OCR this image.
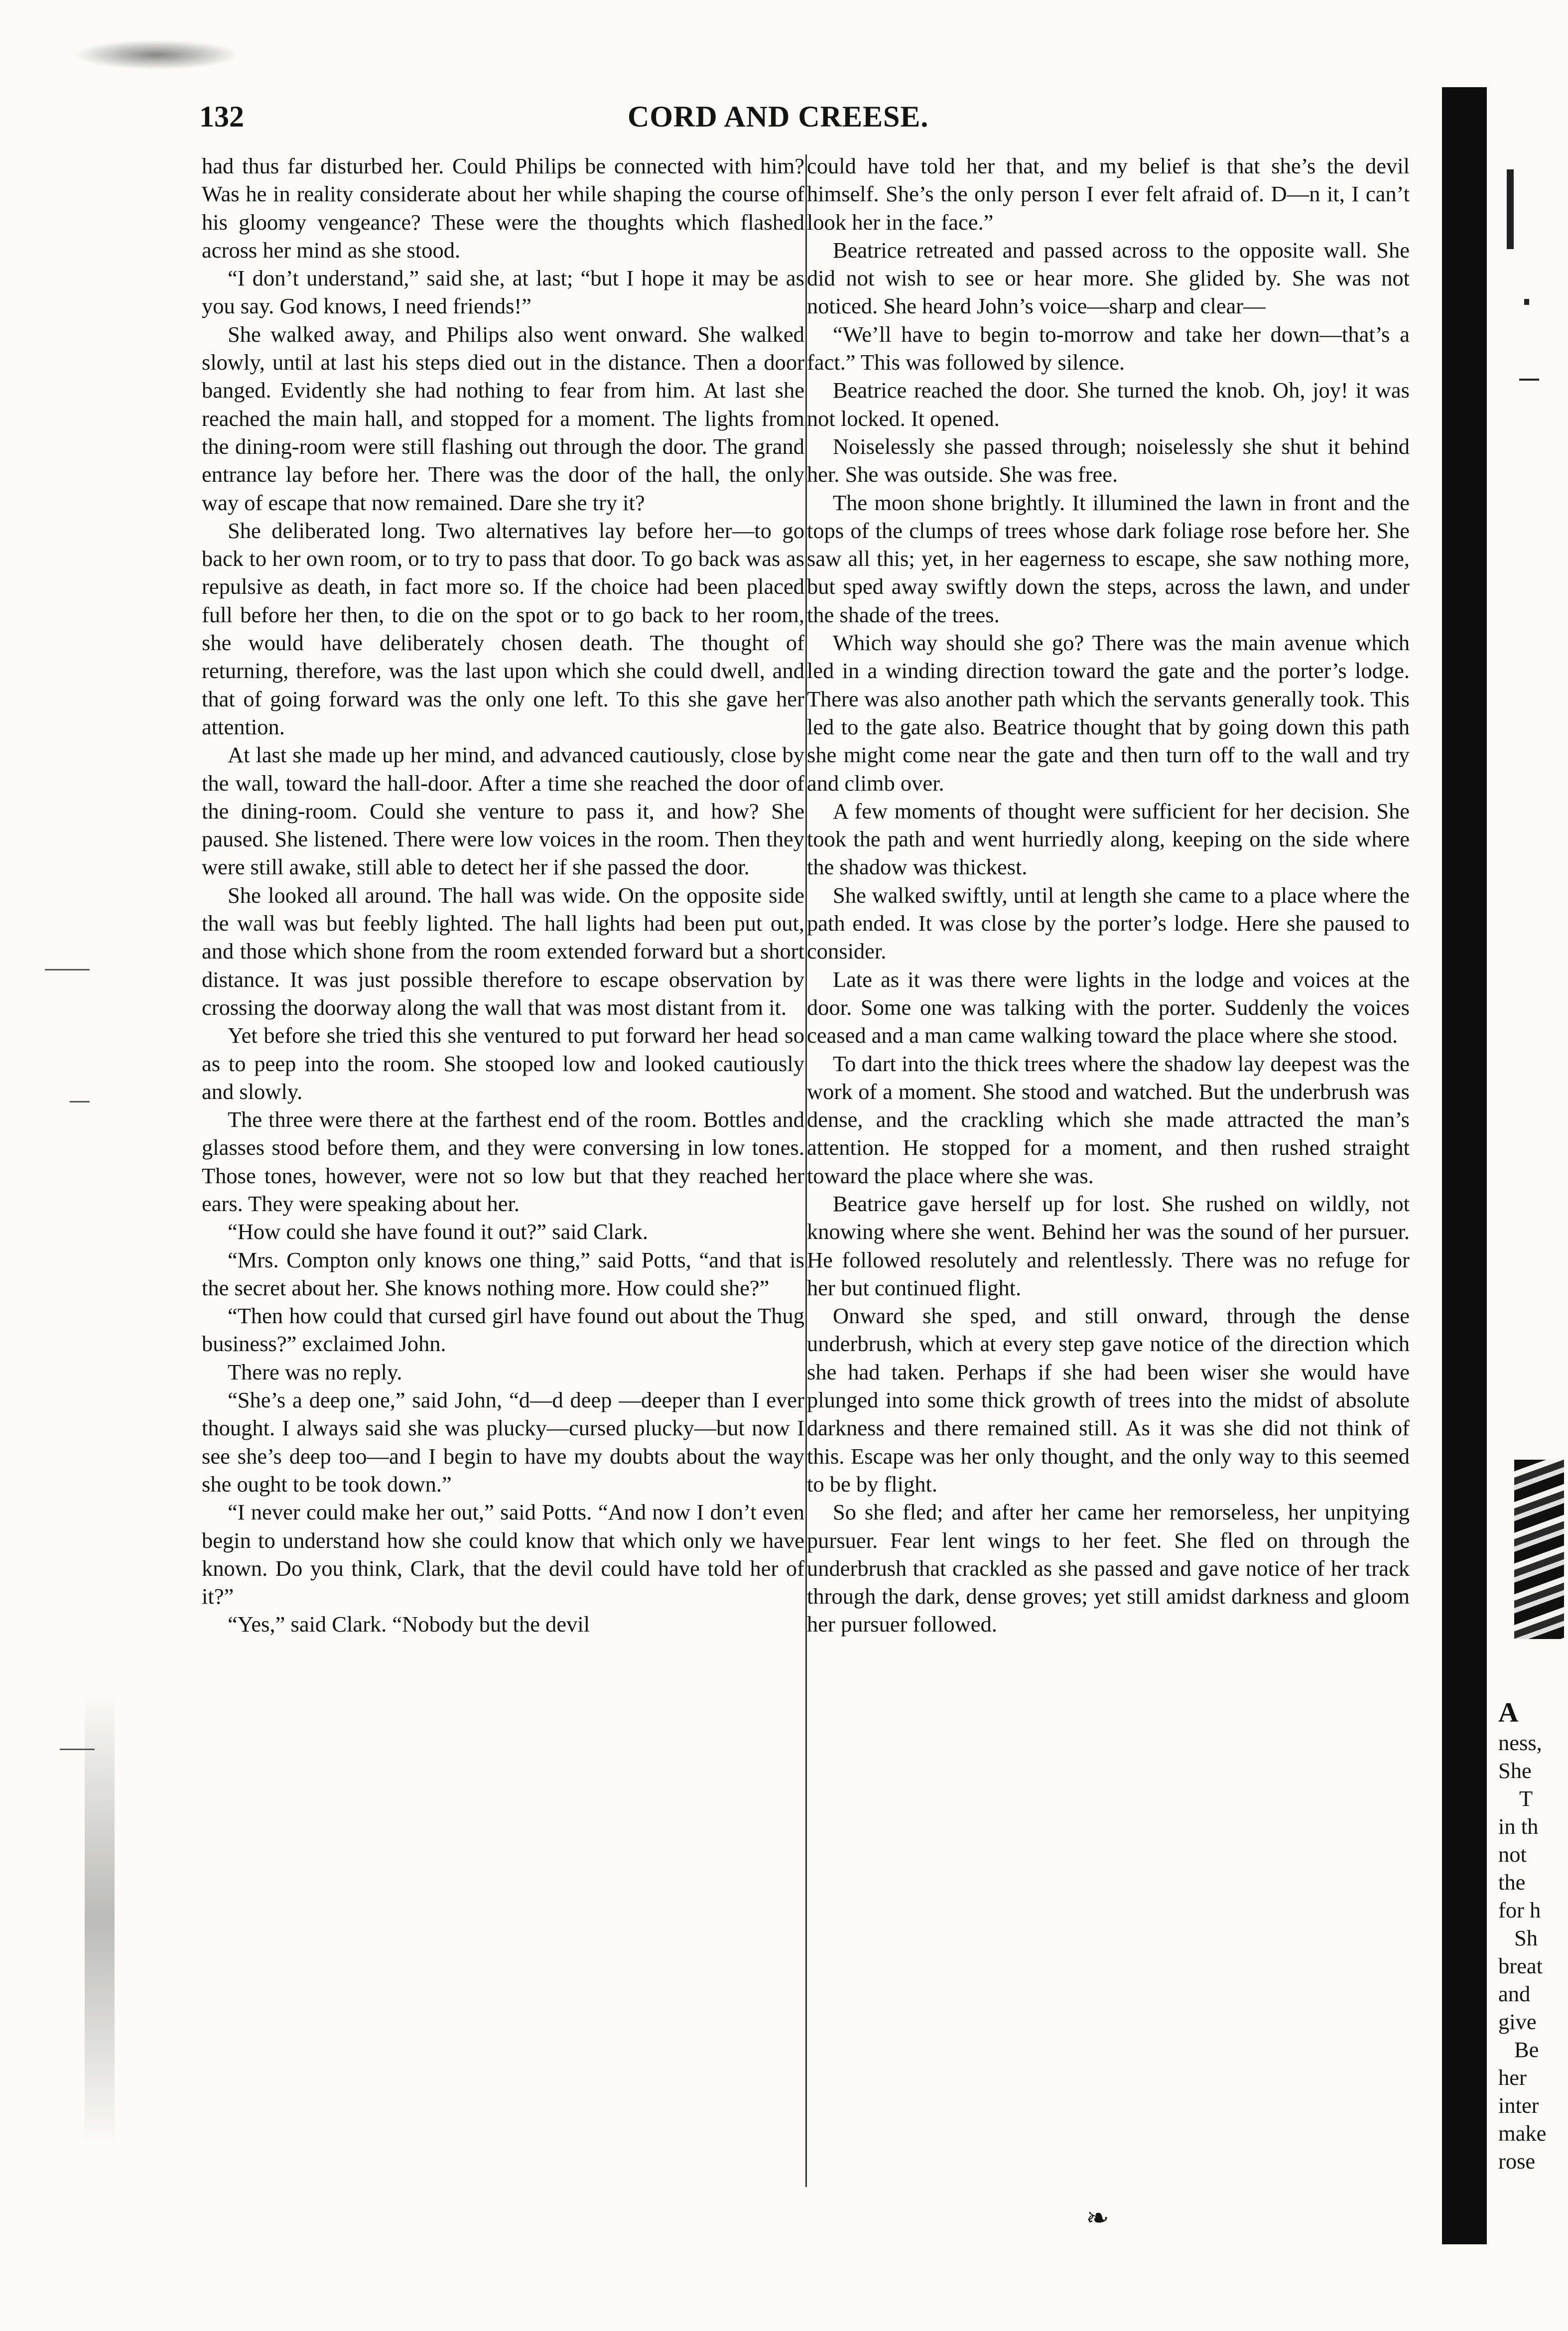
132	CORD AND CREESE.

had thus far disturbed her. Could Philips be connected with him? Was he in reality considerate about her while shaping the course of his gloomy vengeance? These were the thoughts which flashed across her mind as she stood.

“I don’t understand,” said she, at last; “but I hope it may be as you say. God knows, I need friends!”

She walked away, and Philips also went onward. She walked slowly, until at last his steps died out in the distance. Then a door banged. Evidently she had nothing to fear from him. At last she reached the main hall, and stopped for a moment. The lights from the dining-room were still flashing out through the door. The grand entrance lay before her. There was the door of the hall, the only way of escape that now remained. Dare she try it?

She deliberated long. Two alternatives lay before her—to go back to her own room, or to try to pass that door. To go back was as repulsive as death, in fact more so. If the choice had been placed full before her then, to die on the spot or to go back to her room, she would have deliberately chosen death. The thought of returning, therefore, was the last upon which she could dwell, and that of going forward was the only one left. To this she gave her attention.

At last she made up her mind, and advanced cautiously, close by the wall, toward the hall-door. After a time she reached the door of the dining-room. Could she venture to pass it, and how? She paused. She listened. There were low voices in the room. Then they were still awake, still able to detect her if she passed the door.

She looked all around. The hall was wide. On the opposite side the wall was but feebly lighted. The hall lights had been put out, and those which shone from the room extended forward but a short distance. It was just possible therefore to escape observation by crossing the doorway along the wall that was most distant from it.

Yet before she tried this she ventured to put forward her head so as to peep into the room. She stooped low and looked cautiously and slowly.

The three were there at the farthest end of the room. Bottles and glasses stood before them, and they were conversing in low tones. Those tones, however, were not so low but that they reached her ears. They were speaking about her.

“How could she have found it out?” said Clark.

“Mrs. Compton only knows one thing,” said Potts, “and that is the secret about her. She knows nothing more. How could she?”

“Then how could that cursed girl have found out about the Thug business?” exclaimed John.

There was no reply.

“She’s a deep one,” said John, “d—d deep —deeper than I ever thought. I always said she was plucky—cursed plucky—but now I see she’s deep too—and I begin to have my doubts about the way she ought to be took down.”

“I never could make her out,” said Potts. “And now I don’t even begin to understand how she could know that which only we have known. Do you think, Clark, that the devil could have told her of it?”

“Yes,” said Clark. “Nobody but the devil

could have told her that, and my belief is that she’s the devil himself. She’s the only person I ever felt afraid of. D—n it, I can’t look her in the face.”

Beatrice retreated and passed across to the opposite wall. She did not wish to see or hear more. She glided by. She was not noticed. She heard John’s voice—sharp and clear—

“We’ll have to begin to-morrow and take her down—that’s a fact.” This was followed by silence.

Beatrice reached the door. She turned the knob. Oh, joy! it was not locked. It opened.

Noiselessly she passed through; noiselessly she shut it behind her. She was outside. She was free.

The moon shone brightly. It illumined the lawn in front and the tops of the clumps of trees whose dark foliage rose before her. She saw all this; yet, in her eagerness to escape, she saw nothing more, but sped away swiftly down the steps, across the lawn, and under the shade of the trees.

Which way should she go? There was the main avenue which led in a winding direction toward the gate and the porter’s lodge. There was also another path which the servants generally took. This led to the gate also. Beatrice thought that by going down this path she might come near the gate and then turn off to the wall and try and climb over.

A few moments of thought were sufficient for her decision. She took the path and went hurriedly along, keeping on the side where the shadow was thickest.

She walked swiftly, until at length she came to a place where the path ended. It was close by the porter’s lodge. Here she paused to consider.

Late as it was there were lights in the lodge and voices at the door. Some one was talking with the porter. Suddenly the voices ceased and a man came walking toward the place where she stood.

To dart into the thick trees where the shadow lay deepest was the work of a moment. She stood and watched. But the underbrush was dense, and the crackling which she made attracted the man’s attention. He stopped for a moment, and then rushed straight toward the place where she was.

Beatrice gave herself up for lost. She rushed on wildly, not knowing where she went. Behind her was the sound of her pursuer. He followed resolutely and relentlessly. There was no refuge for her but continued flight.

Onward she sped, and still onward, through the dense underbrush, which at every step gave notice of the direction which she had taken. Perhaps if she had been wiser she would have plunged into some thick growth of trees into the midst of absolute darkness and there remained still. As it was she did not think of this. Escape was her only thought, and the only way to this seemed to be by flight.

So she fled; and after her came her remorseless, her unpitying pursuer. Fear lent wings to her feet. She fled on through the underbrush that crackled as she passed and gave notice of her track through the dark, dense groves; yet still amidst darkness and gloom her pursuer followed.

A
ness,
She
T
in th
not
the
for h
Sh
breat
and
give
Be
her
inter
make
rose
❧
